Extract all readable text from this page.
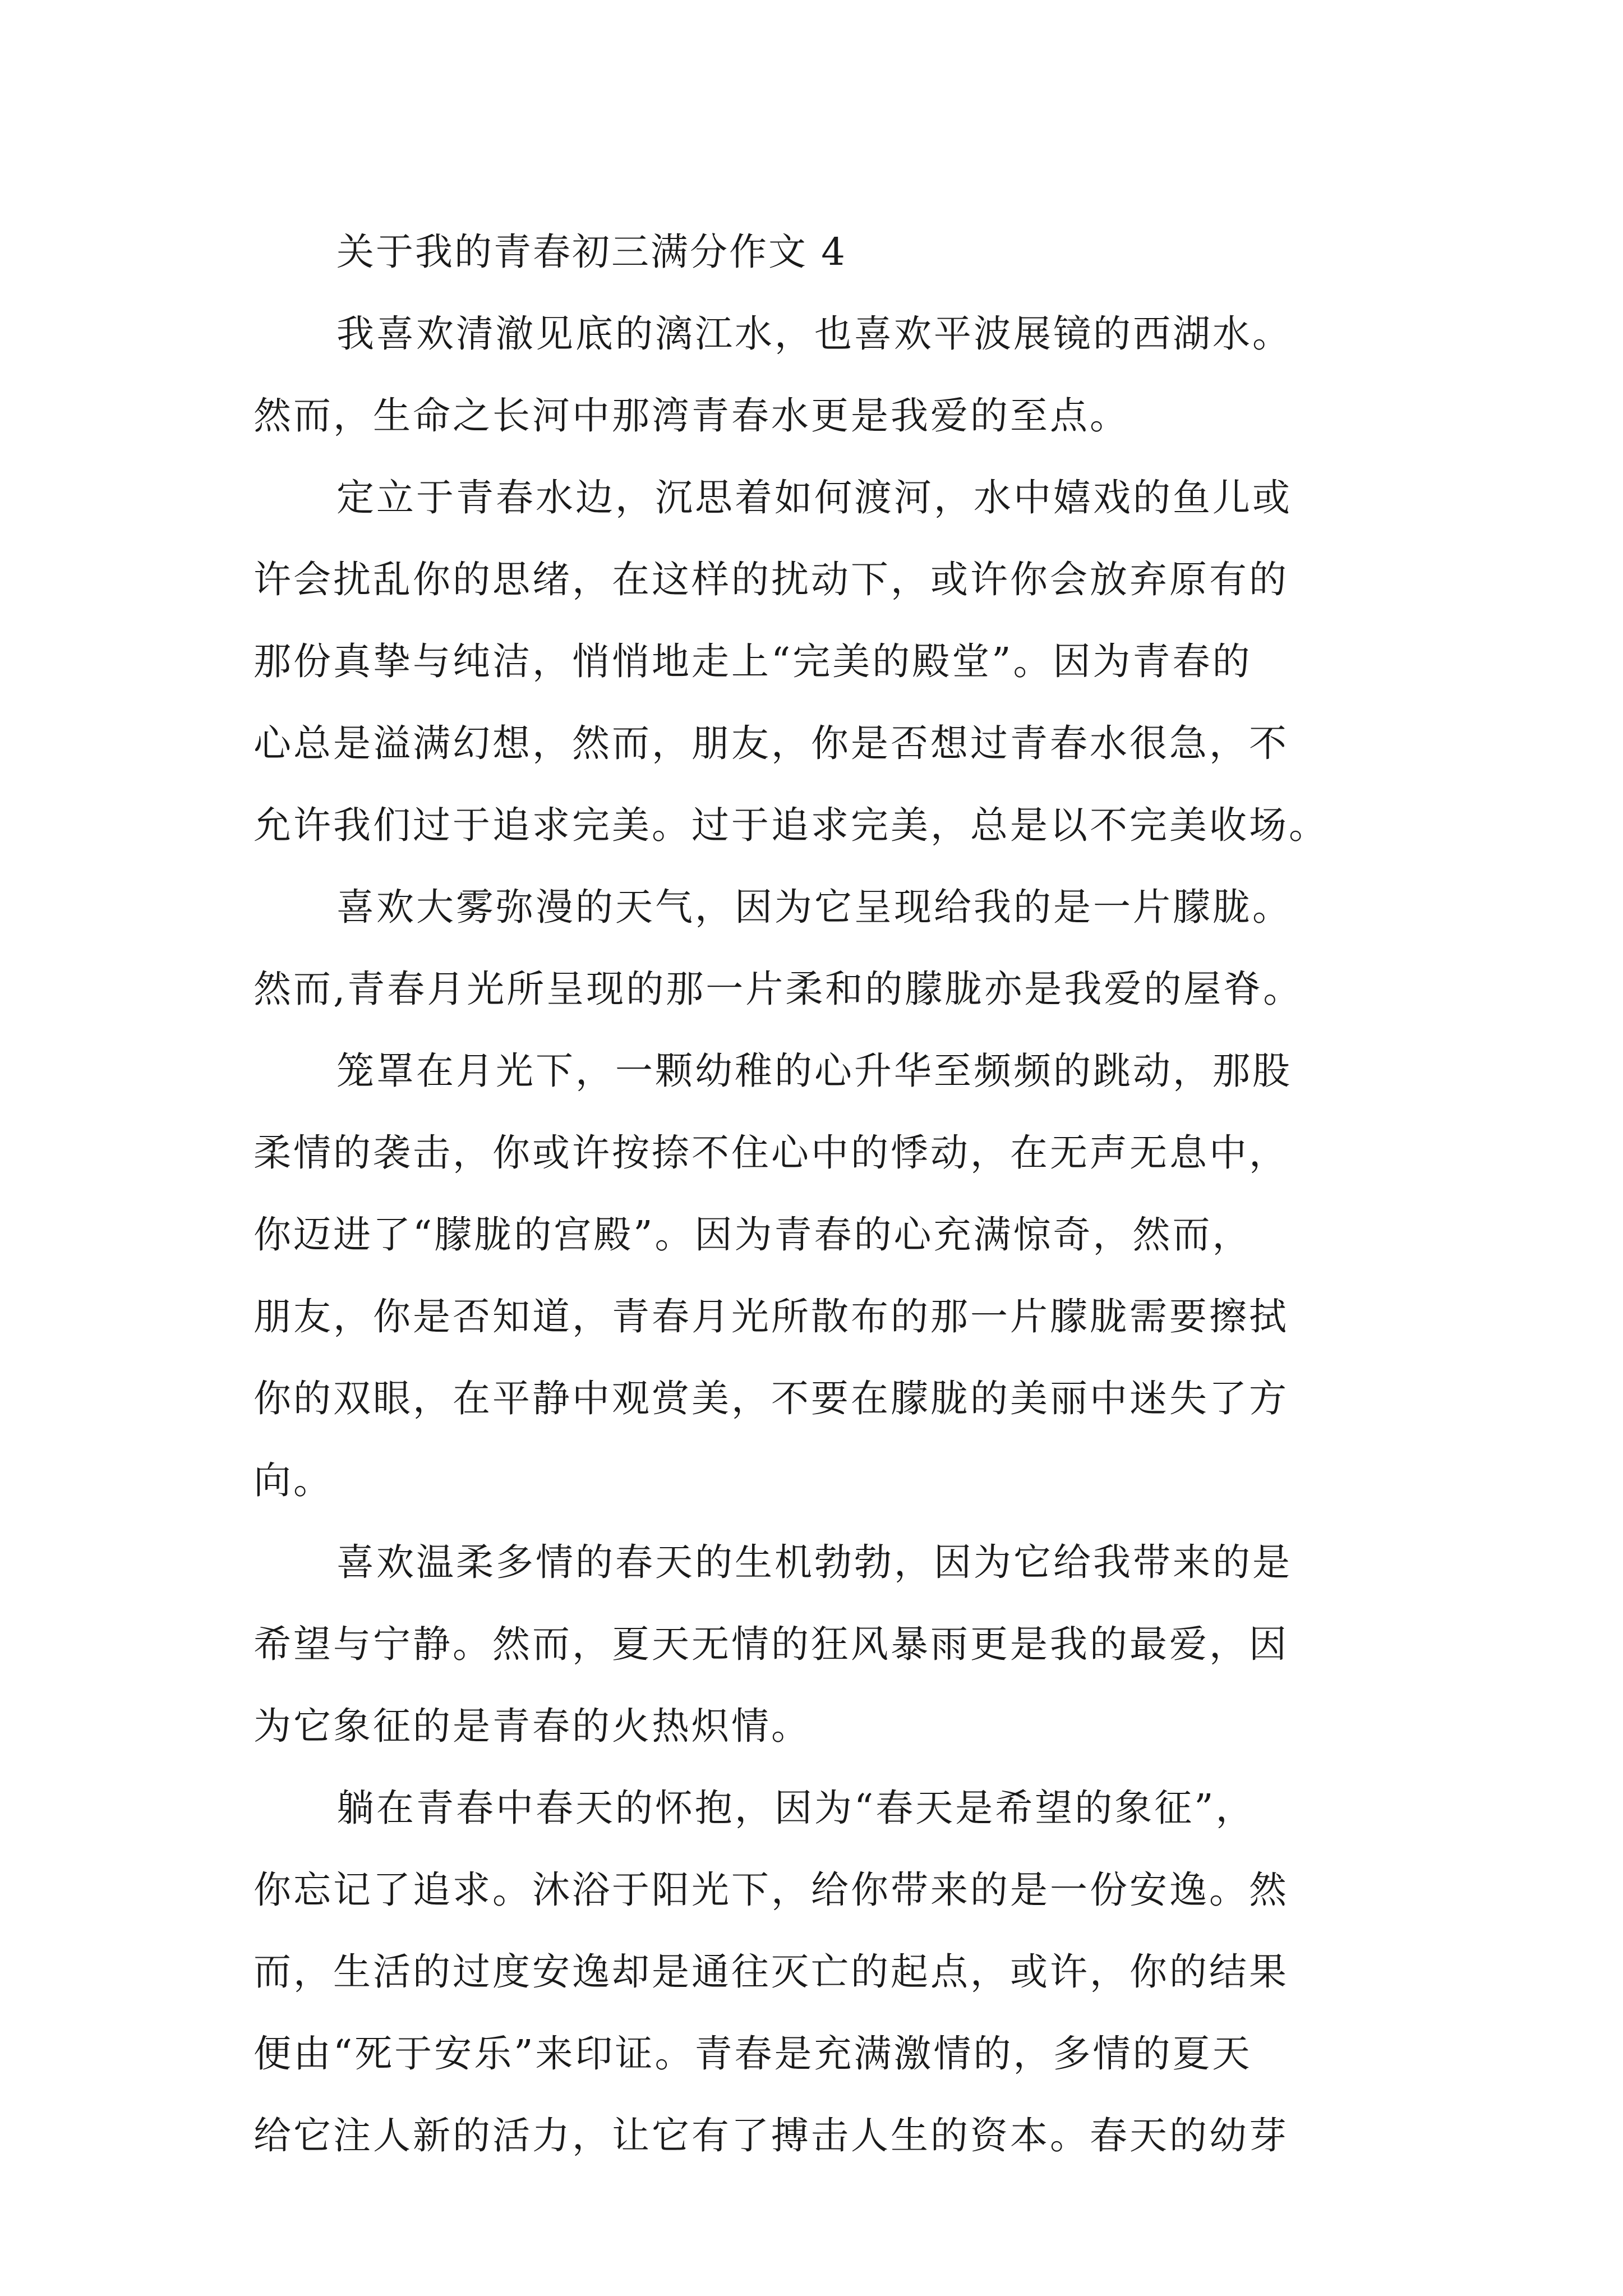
关于我的青春初三满分作文 4
我喜欢清澈见底的漓江水，也喜欢平波展镜的西湖水。
然而，生命之长河中那湾青春水更是我爱的至点。
定立于青春水边，沉思着如何渡河，水中嬉戏的鱼儿或
许会扰乱你的思绪，在这样的扰动下，或许你会放弃原有的
那份真挚与纯洁，悄悄地走上“完美的殿堂”。因为青春的
心总是溢满幻想，然而，朋友，你是否想过青春水很急，不
允许我们过于追求完美。过于追求完美，总是以不完美收场。
喜欢大雾弥漫的天气，因为它呈现给我的是一片朦胧。
然而,青春月光所呈现的那一片柔和的朦胧亦是我爱的屋脊。
笼罩在月光下，一颗幼稚的心升华至频频的跳动，那股
柔情的袭击，你或许按捺不住心中的悸动，在无声无息中，
你迈进了“朦胧的宫殿”。因为青春的心充满惊奇，然而，
朋友，你是否知道，青春月光所散布的那一片朦胧需要擦拭
你的双眼，在平静中观赏美，不要在朦胧的美丽中迷失了方
向。
喜欢温柔多情的春天的生机勃勃，因为它给我带来的是
希望与宁静。然而，夏天无情的狂风暴雨更是我的最爱，因
为它象征的是青春的火热炽情。
躺在青春中春天的怀抱，因为“春天是希望的象征”，
你忘记了追求。沐浴于阳光下，给你带来的是一份安逸。然
而，生活的过度安逸却是通往灭亡的起点，或许，你的结果
便由“死于安乐”来印证。青春是充满激情的，多情的夏天
给它注人新的活力，让它有了搏击人生的资本。春天的幼芽
